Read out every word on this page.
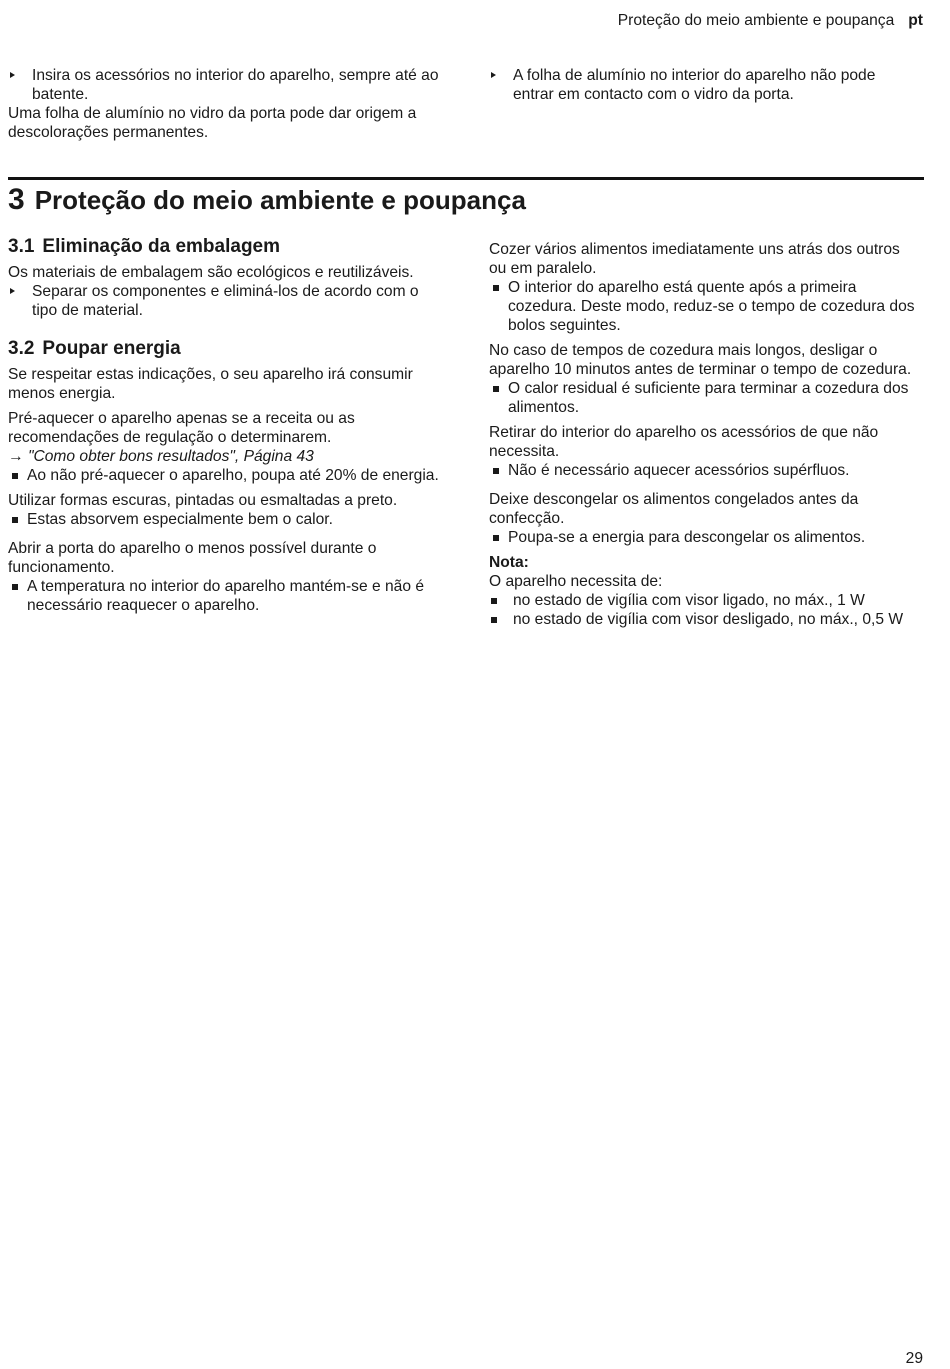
Proteção do meio ambiente e poupança pt
Insira os acessórios no interior do aparelho, sempre até ao batente.

Uma folha de alumínio no vidro da porta pode dar origem a descolorações permanentes.

A folha de alumínio no interior do aparelho não pode entrar em contacto com o vidro da porta.
3 Proteção do meio ambiente e poupança
3.1 Eliminação da embalagem

Os materiais de embalagem são ecológicos e reutilizáveis.

Separar os componentes e eliminá-los de acordo com o tipo de material.
3.2 Poupar energia

Se respeitar estas indicações, o seu aparelho irá consumir menos energia.

Pré-aquecer o aparelho apenas se a receita ou as recomendações de regulação o determinarem.

→ "Como obter bons resultados", Página 43

Ao não pré-aquecer o aparelho, poupa até 20% de energia.

Utilizar formas escuras, pintadas ou esmaltadas a preto.

Estas absorvem especialmente bem o calor.

Abrir a porta do aparelho o menos possível durante o funcionamento.

A temperatura no interior do aparelho mantém-se e não é necessário reaquecer o aparelho.

Cozer vários alimentos imediatamente uns atrás dos outros ou em paralelo.

O interior do aparelho está quente após a primeira cozedura. Deste modo, reduz-se o tempo de cozedura dos bolos seguintes.

No caso de tempos de cozedura mais longos, desligar o aparelho 10 minutos antes de terminar o tempo de cozedura.

O calor residual é suficiente para terminar a cozedura dos alimentos.

Retirar do interior do aparelho os acessórios de que não necessita.

Não é necessário aquecer acessórios supérfluos.

Deixe descongelar os alimentos congelados antes da confecção.

Poupa-se a energia para descongelar os alimentos.

Nota:

O aparelho necessita de:

no estado de vigília com visor ligado, no máx., 1 W
no estado de vigília com visor desligado, no máx., 0,5 W
29
